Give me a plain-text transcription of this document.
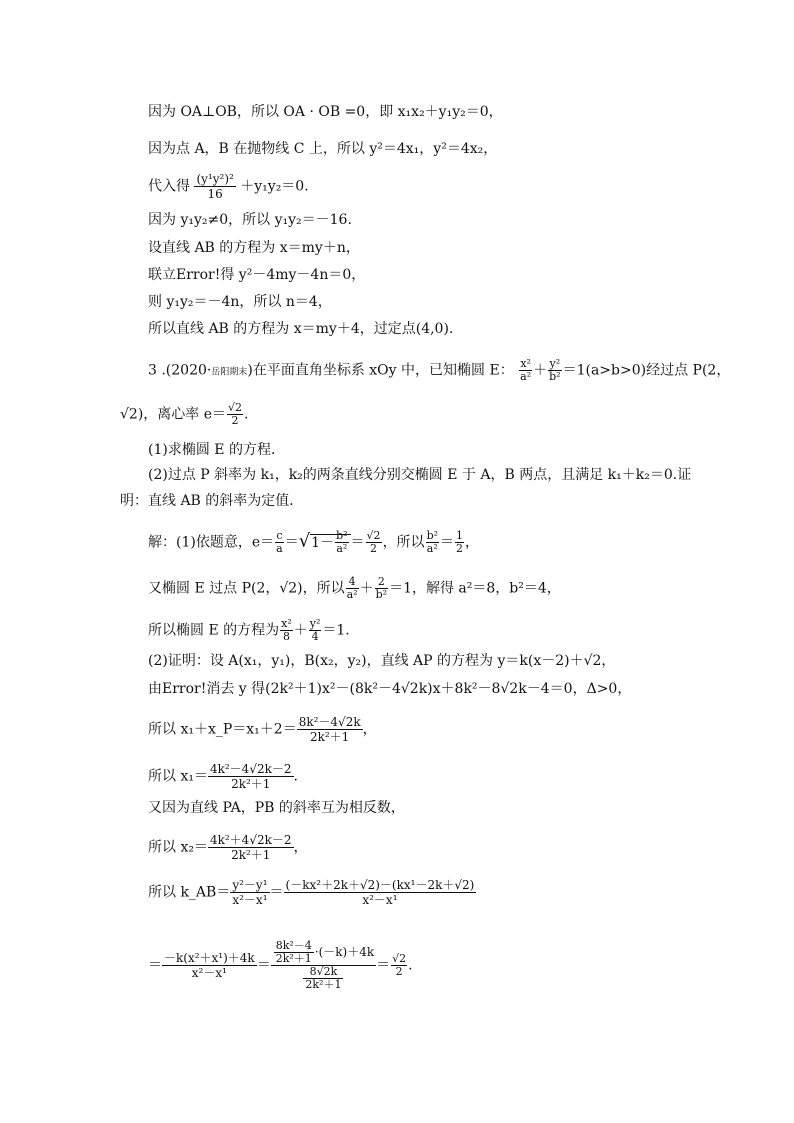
因为 OA⊥OB，所以 OA · OB =0，即 x₁x₂＋y₁y₂＝0，
因为点 A，B 在抛物线 C 上，所以 y²＝4x₁，y²＝4x₂，
代入得 $\frac{\text{(y¹y²)²}}{16} +y_1y_2=0$.
因为 y₁y₂≠0，所以 y₁y₂＝－16.
设直线 AB 的方程为 x＝my＋n，
联立Error!得 y²－4my－4n＝0，
则 y₁y₂＝－4n，所以 n＝4，
所以直线 AB 的方程为 x＝my＋4，过定点(4,0).
3 .(2020·岳阳期末)在平面直角坐标系 xOy 中，已知椭圆 E： $\frac{\text{x²}}{\text{a²}} + \frac{\text{y²}}{\text{b²}} =1(a>b>0)$经过点 P(2，
√2)，离心率 $e= \frac{√2}{2}$ .
(1)求椭圆 E 的方程．
(2)过点 P 斜率为 k₁，k₂的两条直线分别交椭圆 E 于 A，B 两点，且满足 k₁＋k₂＝0.证
明：直线 AB 的斜率为定值．
解：(1)依题意，$e= \frac{c}{a} =√1- \frac{\text{b²}}{\text{a²}} = \frac{√2}{2}$ ，所以 $\frac{\text{b²}}{\text{a²}} = \frac{1}{2}$ ，
又椭圆 E 过点 P(2，√2)，所以 $\frac{4}{\text{a²}} + \frac{2}{\text{b²}} =1$，解得 a²＝8，b²＝4，
所以椭圆 E 的方程为 $\frac{\text{x²}}{8} + \frac{\text{y²}}{4} =1$.
(2)证明：设 A(x₁，y₁)，B(x₂，y₂)，直线 AP 的方程为 y＝k(x－2)＋√2，
由Error!消去 y 得(2k²＋1)x²－(8k²－4√2k)x＋8k²－8√2k－4＝0，Δ>0，
所以 x₁＋x_P＝x₁＋2＝ $\frac{\text{8k²－4√2k}}{\text{2k²＋1}}$ ，
所以 $x_1= \frac{\text{4k²－4√2k－2}}{\text{2k²＋1}}$ .
又因为直线 PA，PB 的斜率互为相反数，
所以 $x_2= \frac{\text{4k²＋4√2k－2}}{\text{2k²＋1}}$ ，
所以 k_AB＝ $\frac{\text{y²－y¹}}{\text{x²－x¹}} = \frac{\text{(－kx²＋2k＋√2)－(kx¹－2k＋√2)}}{\text{x²－x¹}}$
＝ $\frac{\text{－k(x²＋x¹)＋4k}}{\text{x²－x¹}} = \frac{\frac{\text{8k²－4}}{\text{2k²＋1}} \cdot(-k)+4k}{\frac{8√2k}{\text{2k²＋1}}} = \frac{√2}{2}$ .
